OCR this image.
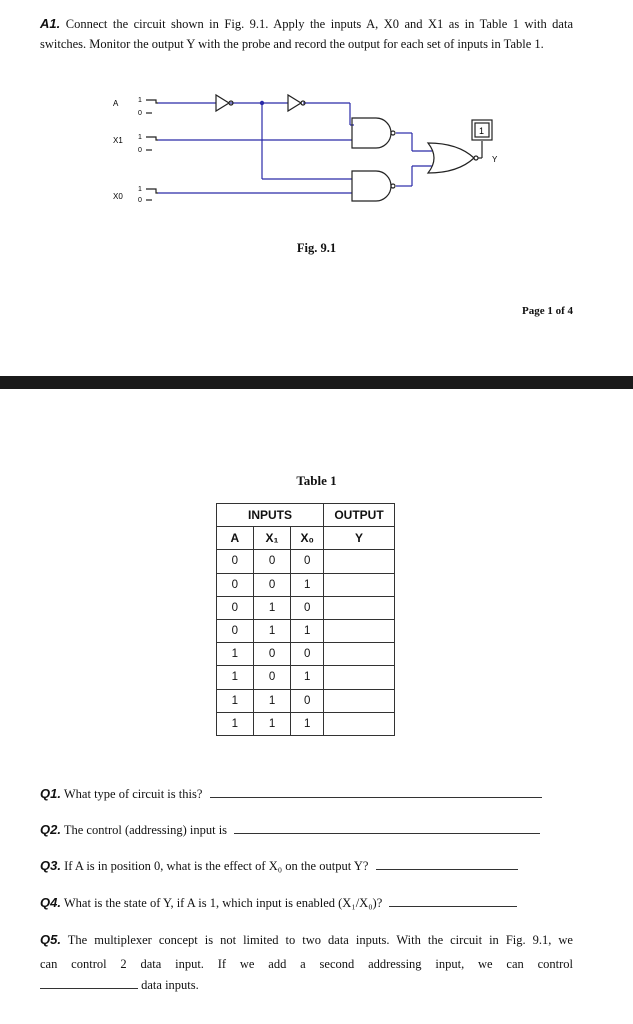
A1. Connect the circuit shown in Fig. 9.1. Apply the inputs A, X0 and X1 as in Table 1 with data switches. Monitor the output Y with the probe and record the output for each set of inputs in Table 1.
A	1
0
X1 1
0
X0
1
0
1
Y
Fig. 9.1
Page 1 of 4
Table 1
INPUTS			OUTPUT
A	X₁	X₀	Y
0	0	0	
0	0	1	
0	1	0	
0	1	1	
1	0	0	
1	0	1	
1	1	0	
1	1	1	
Q1. What type of circuit is this?
Q2. The control (addressing) input is
Q3. If A is in position 0, what is the effect of X₀ on the output Y?
Q4. What is the state of Y, if A is 1, which input is enabled (X₁/X₀)?
Q5. The multiplexer concept is not limited to two data inputs. With the circuit in Fig. 9.1, we
can control 2 data input. If we add a second addressing input, we can control
data inputs.
